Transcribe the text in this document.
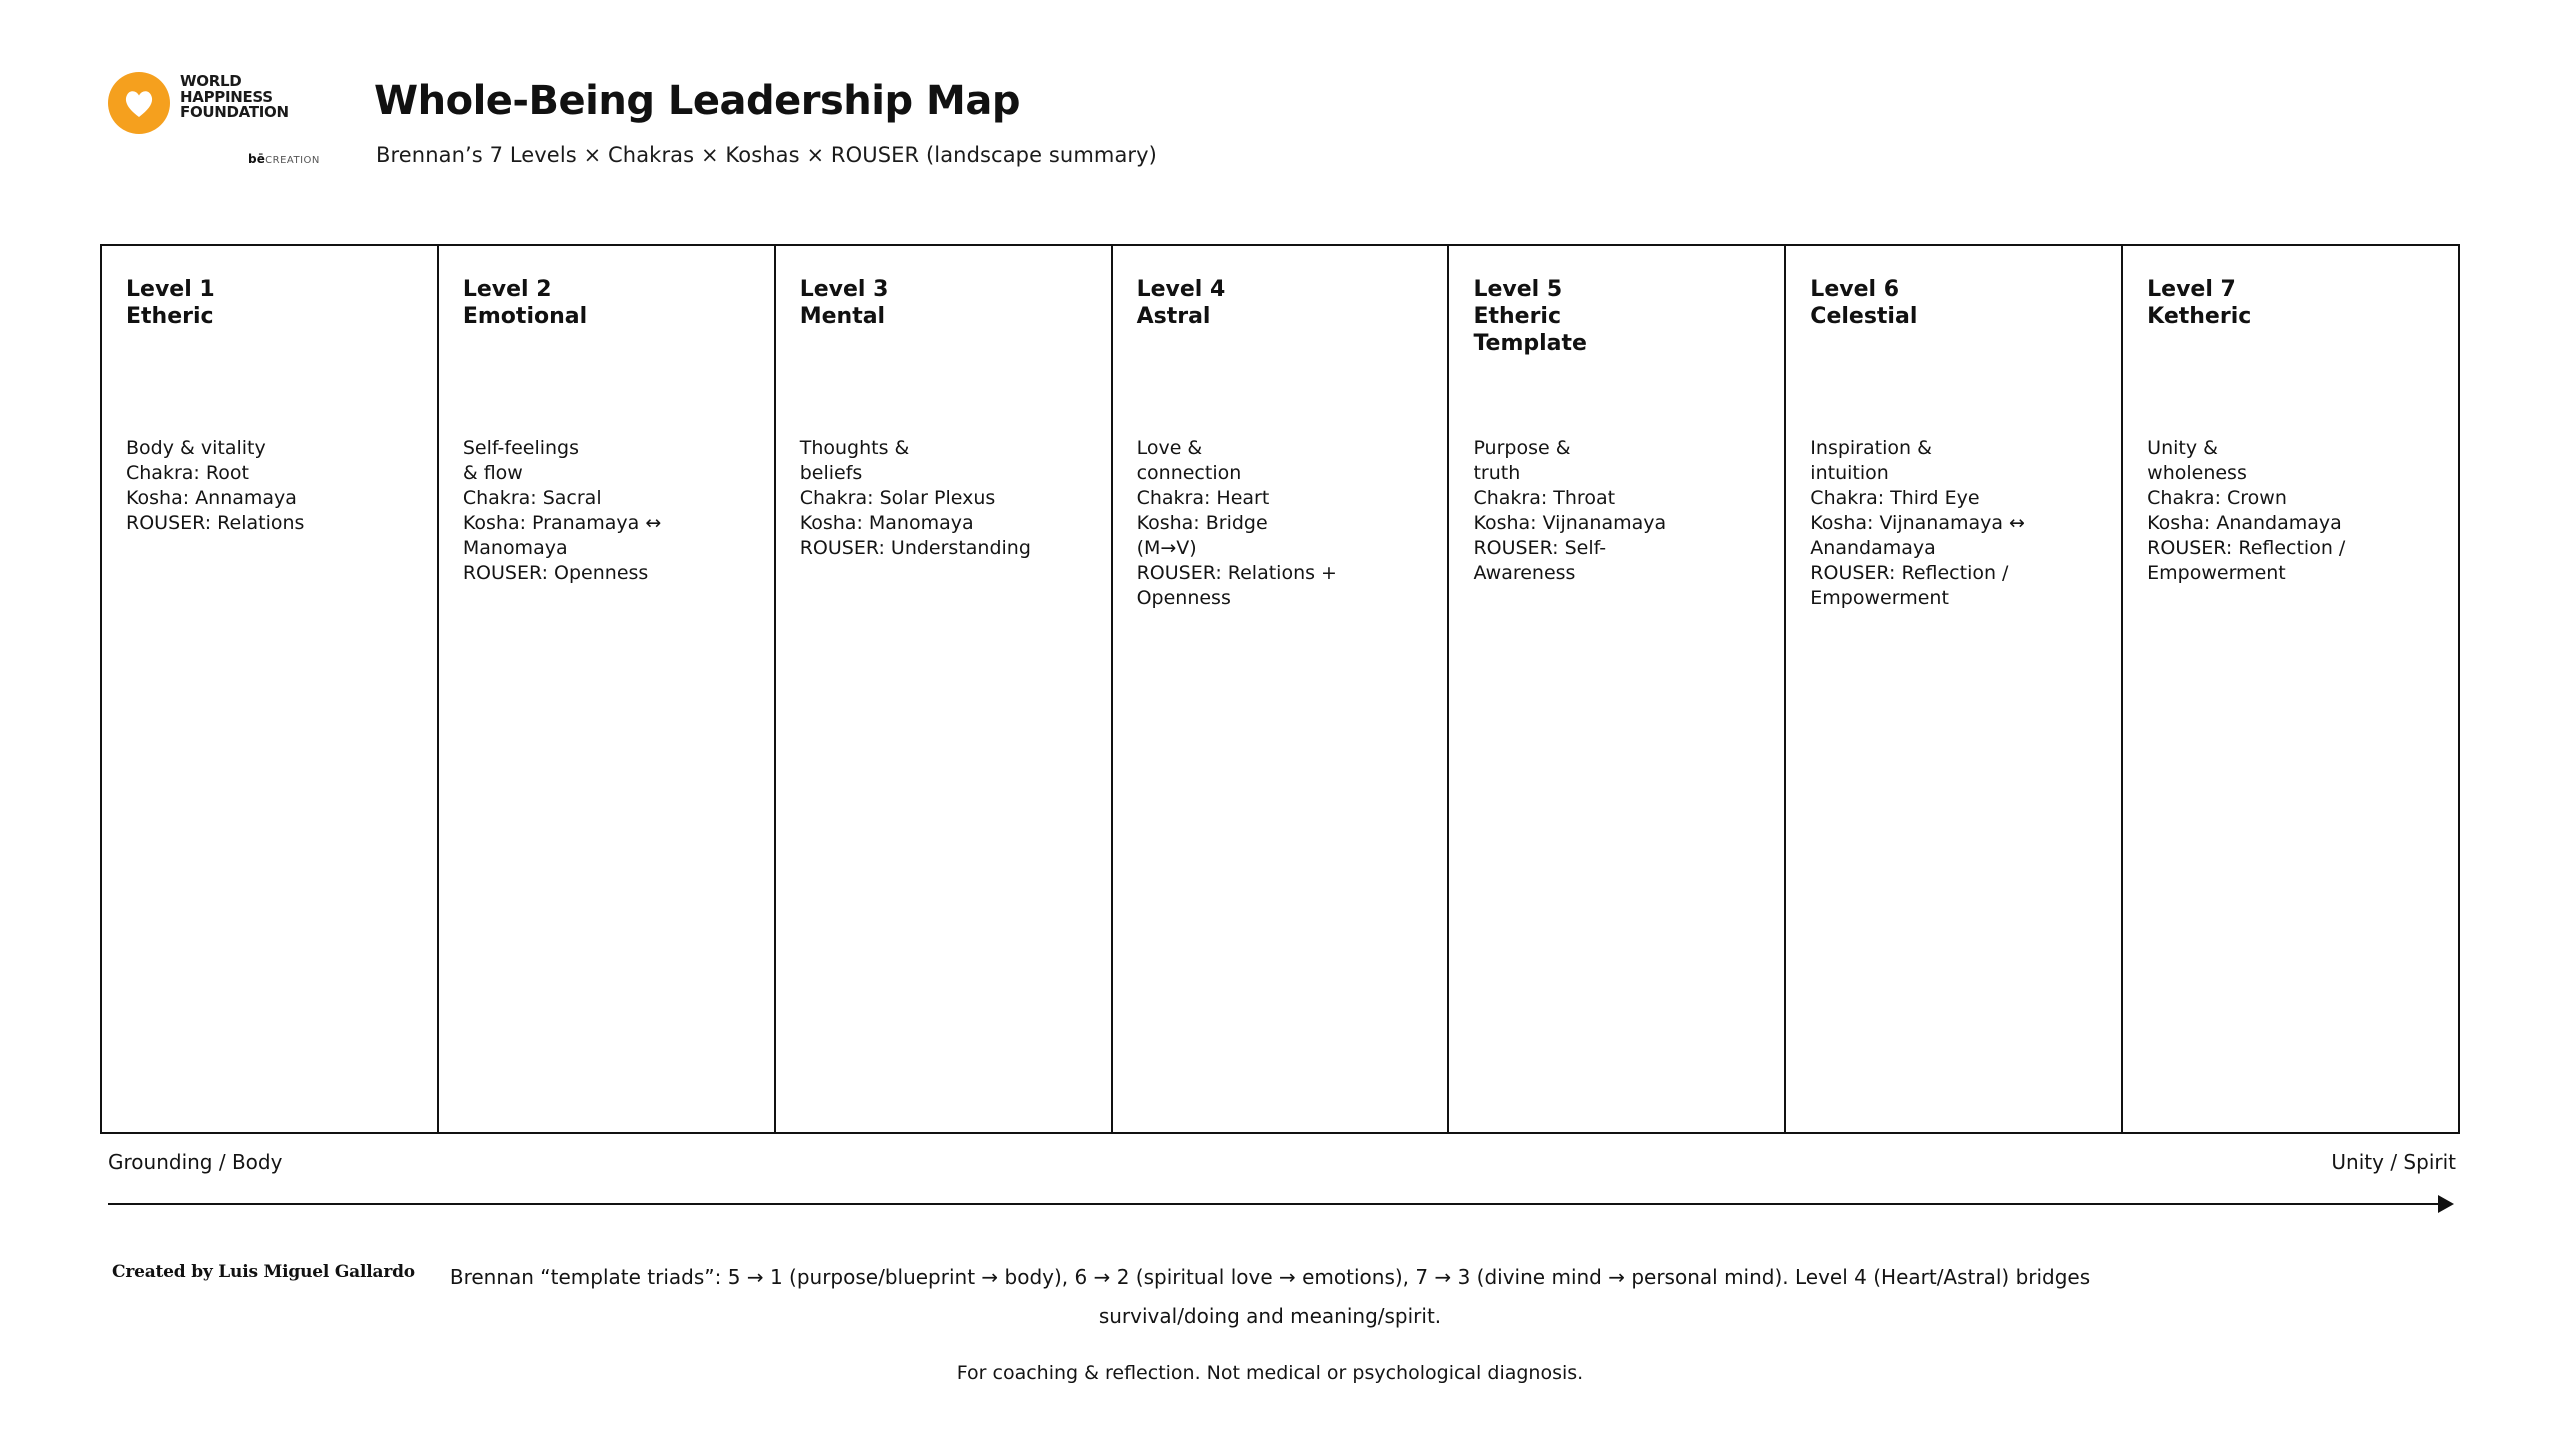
WORLD HAPPINESS FOUNDATION
bēCREATION
Whole-Being Leadership Map
Brennan’s 7 Levels × Chakras × Koshas × ROUSER (landscape summary)
Level 1
Etheric
Body & vitality
Chakra: Root
Kosha: Annamaya
ROUSER: Relations
Level 2
Emotional
Self-feelings
& flow
Chakra: Sacral
Kosha: Pranamaya ↔
Manomaya
ROUSER: Openness
Level 3
Mental
Thoughts &
beliefs
Chakra: Solar Plexus
Kosha: Manomaya
ROUSER: Understanding
Level 4
Astral
Love &
connection
Chakra: Heart
Kosha: Bridge
(M→V)
ROUSER: Relations +
Openness
Level 5
Etheric
Template
Purpose &
truth
Chakra: Throat
Kosha: Vijnanamaya
ROUSER: Self-
Awareness
Level 6
Celestial
Inspiration &
intuition
Chakra: Third Eye
Kosha: Vijnanamaya ↔
Anandamaya
ROUSER: Reflection /
Empowerment
Level 7
Ketheric
Unity &
wholeness
Chakra: Crown
Kosha: Anandamaya
ROUSER: Reflection /
Empowerment
Grounding / Body	Unity / Spirit
Created by Luis Miguel Gallardo	Brennan “template triads”: 5 → 1 (purpose/blueprint → body), 6 → 2 (spiritual love → emotions), 7 → 3 (divine mind → personal mind). Level 4 (Heart/Astral) bridges survival/doing and meaning/spirit.
For coaching & reflection. Not medical or psychological diagnosis.
